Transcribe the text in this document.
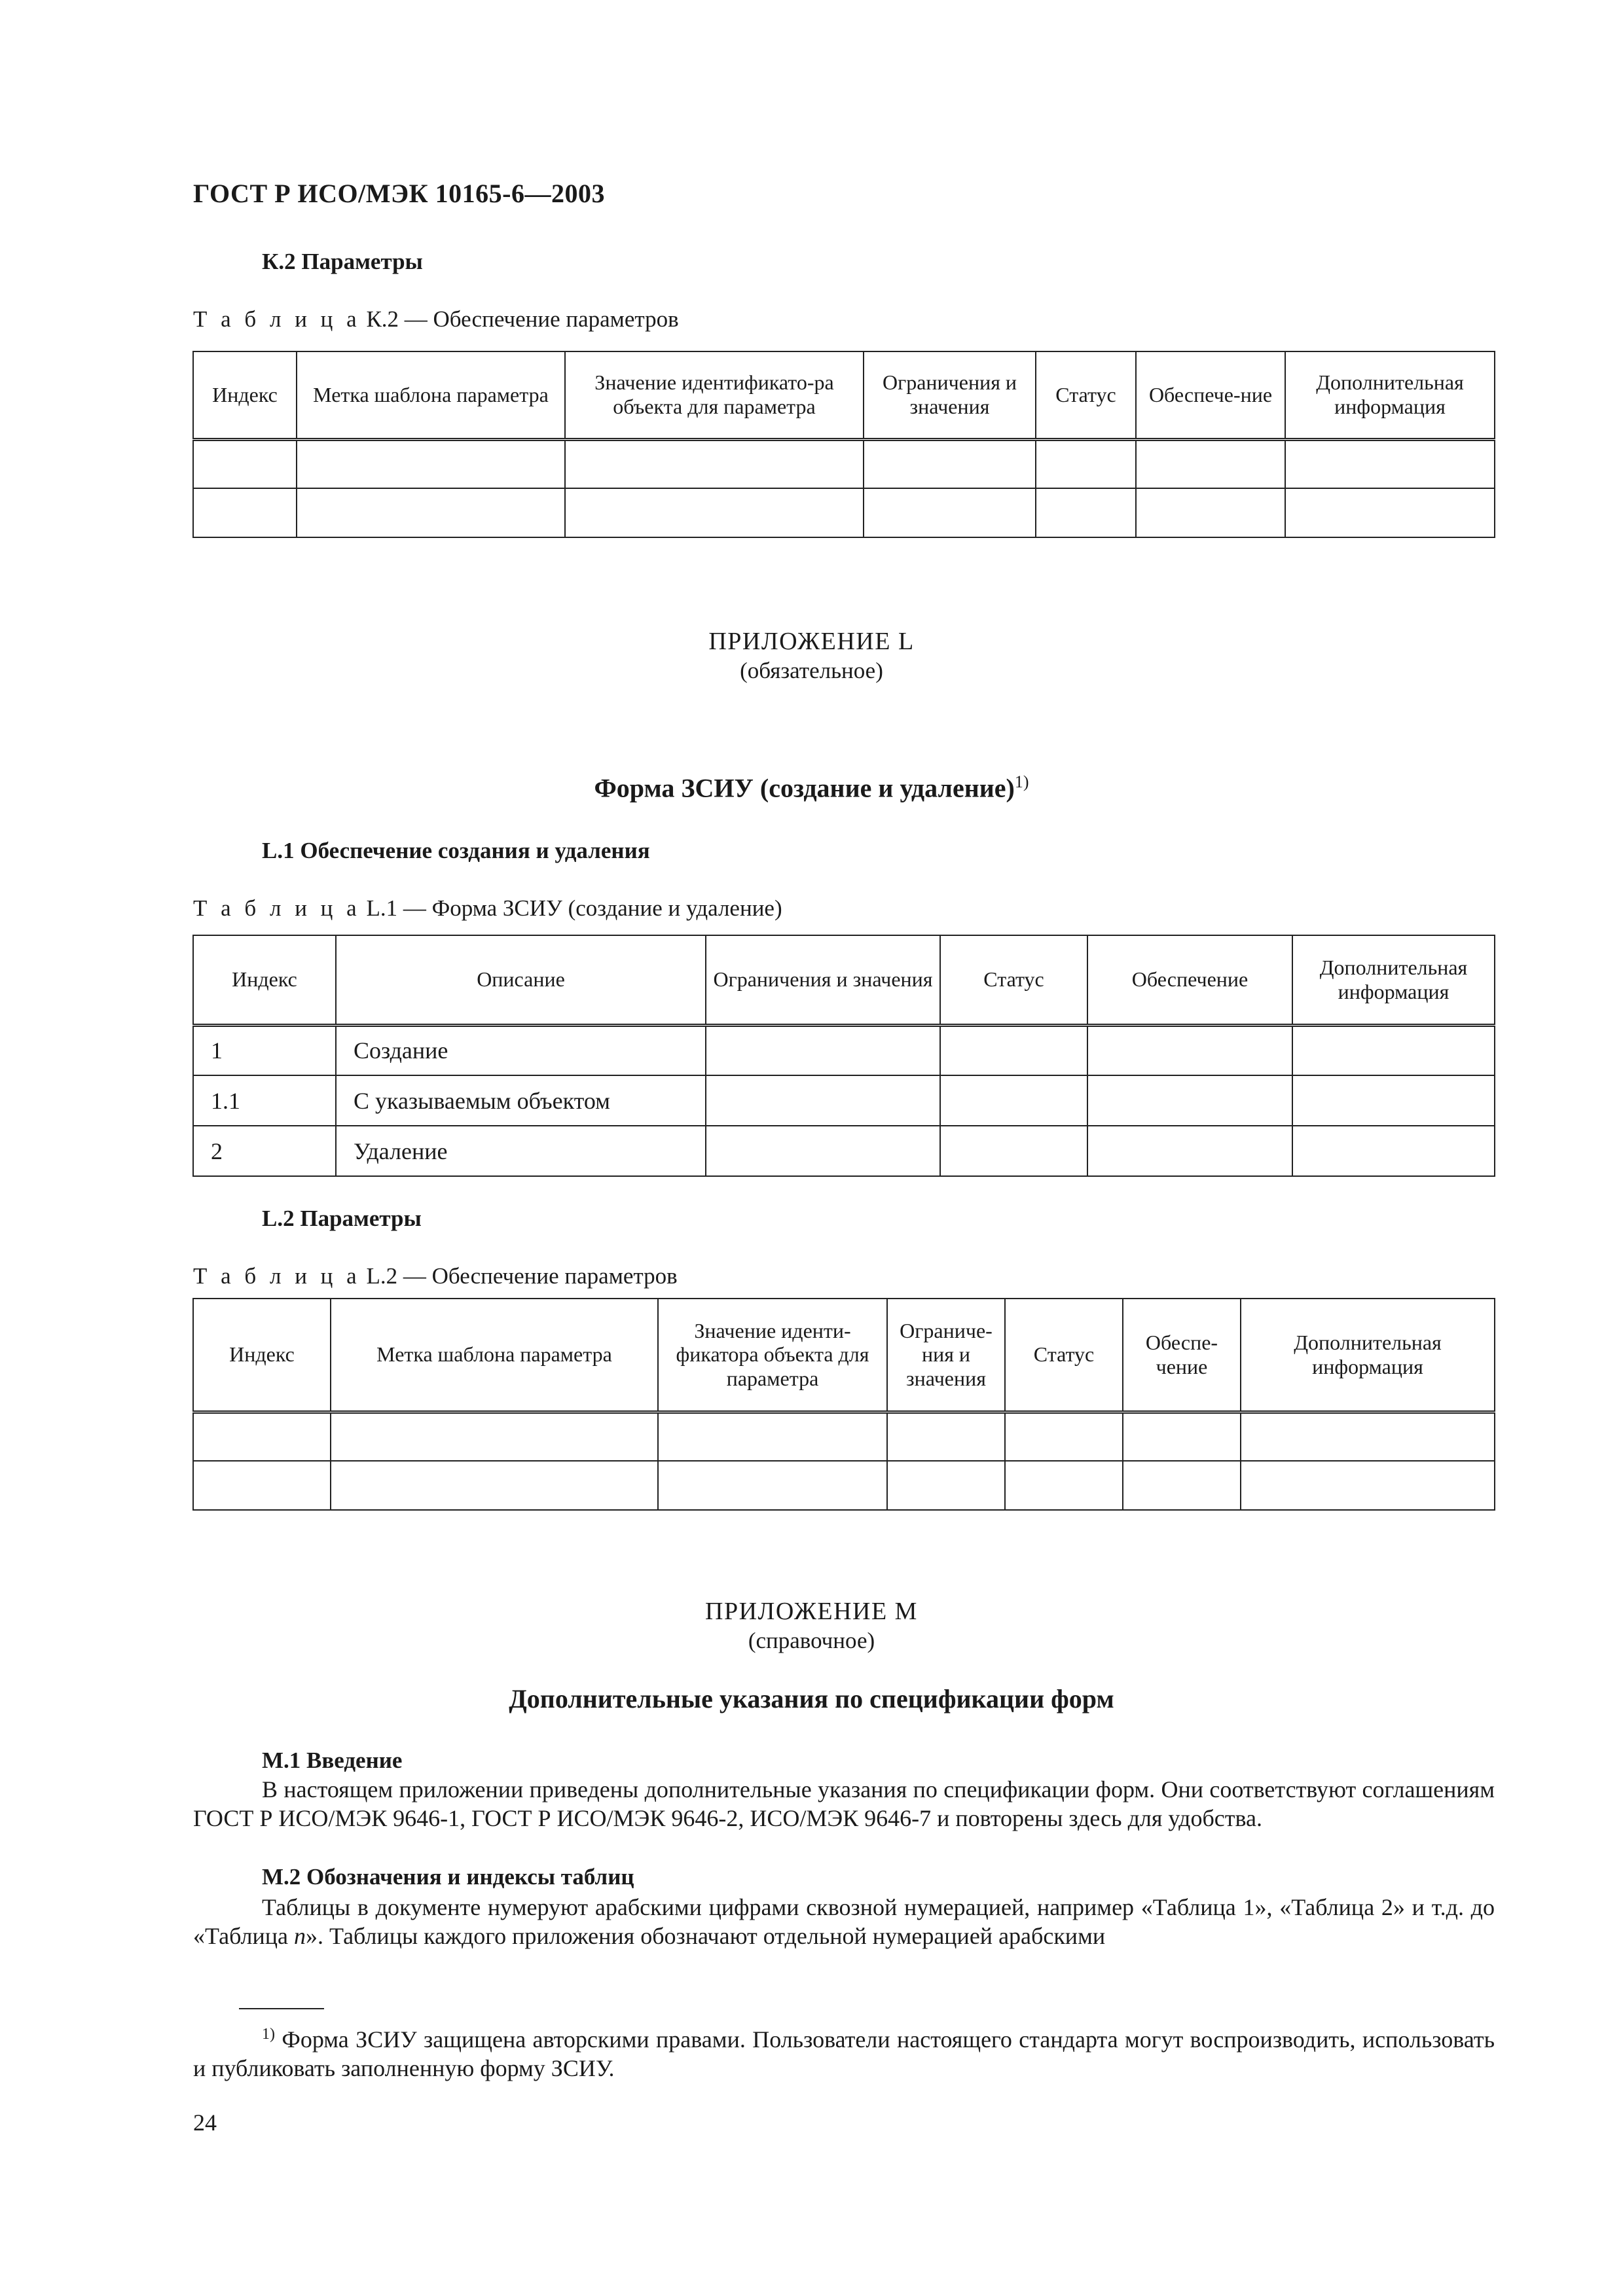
ГОСТ Р ИСО/МЭК 10165-6—2003
К.2 Параметры
Т а б л и ц а К.2 — Обеспечение параметров
Индекс	Метка шаблона параметра	Значение идентификато-ра объекта для параметра	Ограничения и значения	Статус	Обеспече-ние	Дополнительная информация

ПРИЛОЖЕНИЕ L
(обязательное)
Форма ЗСИУ (создание и удаление)$^{1)}$
L.1 Обеспечение создания и удаления
Т а б л и ц а L.1 — Форма ЗСИУ (создание и удаление)
Индекс	Описание	Ограничения и значения	Статус	Обеспечение	Дополнительная информация
1	Создание				
1.1	С указываемым объектом				
2	Удаление				
L.2 Параметры
Т а б л и ц а L.2 — Обеспечение параметров
Индекс	Метка шаблона параметра	Значение иденти-фикатора объекта для параметра	Ограниче-ния и значения	Статус	Обеспе-чение	Дополнительная информация

ПРИЛОЖЕНИЕ М
(справочное)
Дополнительные указания по спецификации форм
М.1 Введение
В настоящем приложении приведены дополнительные указания по спецификации форм. Они соответствуют соглашениям ГОСТ Р ИСО/МЭК 9646-1, ГОСТ Р ИСО/МЭК 9646-2, ИСО/МЭК 9646-7 и повторены здесь для удобства.
М.2 Обозначения и индексы таблиц
Таблицы в документе нумеруют арабскими цифрами сквозной нумерацией, например «Таблица 1», «Таблица 2» и т.д. до «Таблица n». Таблицы каждого приложения обозначают отдельной нумерацией арабскими
$^{1)}$ Форма ЗСИУ защищена авторскими правами. Пользователи настоящего стандарта могут воспроизводить, использовать и публиковать заполненную форму ЗСИУ.
24
